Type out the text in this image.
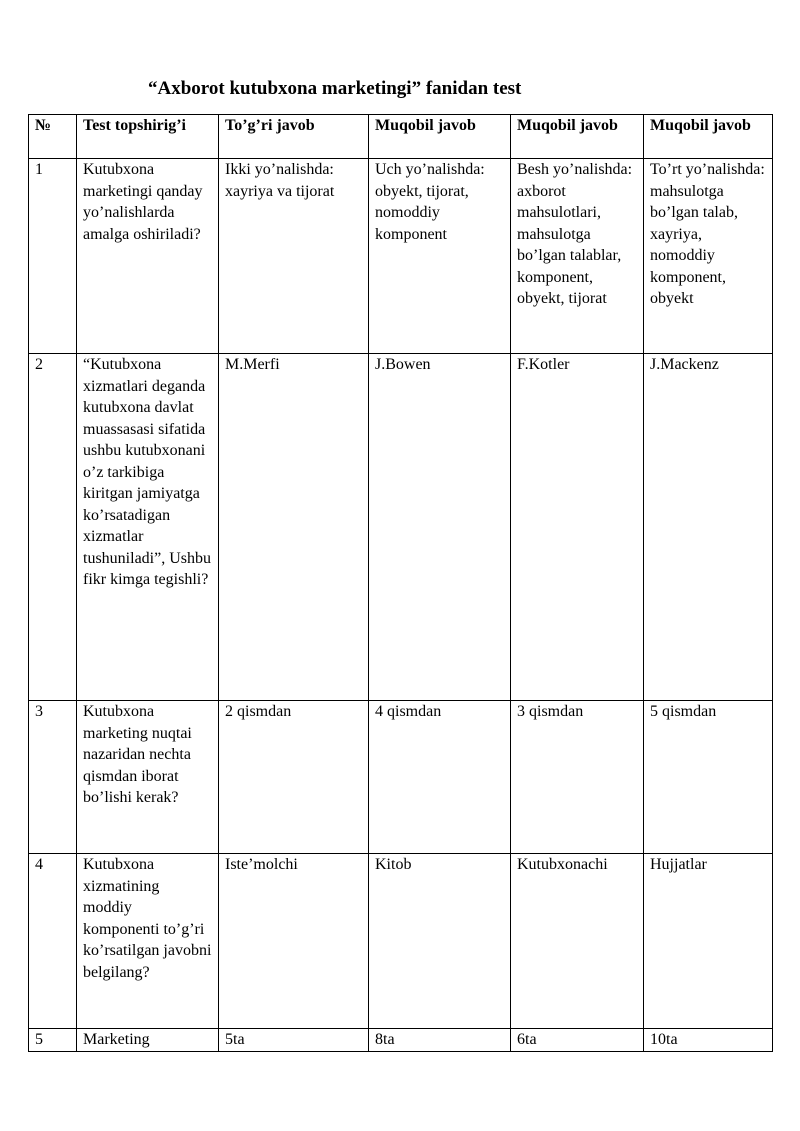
“Axborot kutubxona marketingi” fanidan test
№	Test topshirig’i	To’g’ri javob	Muqobil javob	Muqobil javob	Muqobil javob
1	Kutubxona marketingi qanday yo’nalishlarda amalga oshiriladi?	Ikki yo’nalishda: xayriya va tijorat	Uch yo’nalishda: obyekt, tijorat, nomoddiy komponent	Besh yo’nalishda: axborot mahsulotlari, mahsulotga bo’lgan talablar, komponent, obyekt, tijorat	To’rt yo’nalishda: mahsulotga bo’lgan talab, xayriya, nomoddiy komponent, obyekt
2	“Kutubxona xizmatlari deganda kutubxona davlat muassasasi sifatida ushbu kutubxonani o’z tarkibiga kiritgan jamiyatga ko’rsatadigan xizmatlar tushuniladi”, Ushbu fikr kimga tegishli?	M.Merfi	J.Bowen	F.Kotler	J.Mackenz
3	Kutubxona marketing nuqtai nazaridan nechta qismdan iborat bo’lishi kerak?	2 qismdan	4 qismdan	3 qismdan	5 qismdan
4	Kutubxona xizmatining moddiy komponenti to’g’ri ko’rsatilgan javobni belgilang?	Iste’molchi	Kitob	Kutubxonachi	Hujjatlar
5	Marketing	5ta	8ta	6ta	10ta
